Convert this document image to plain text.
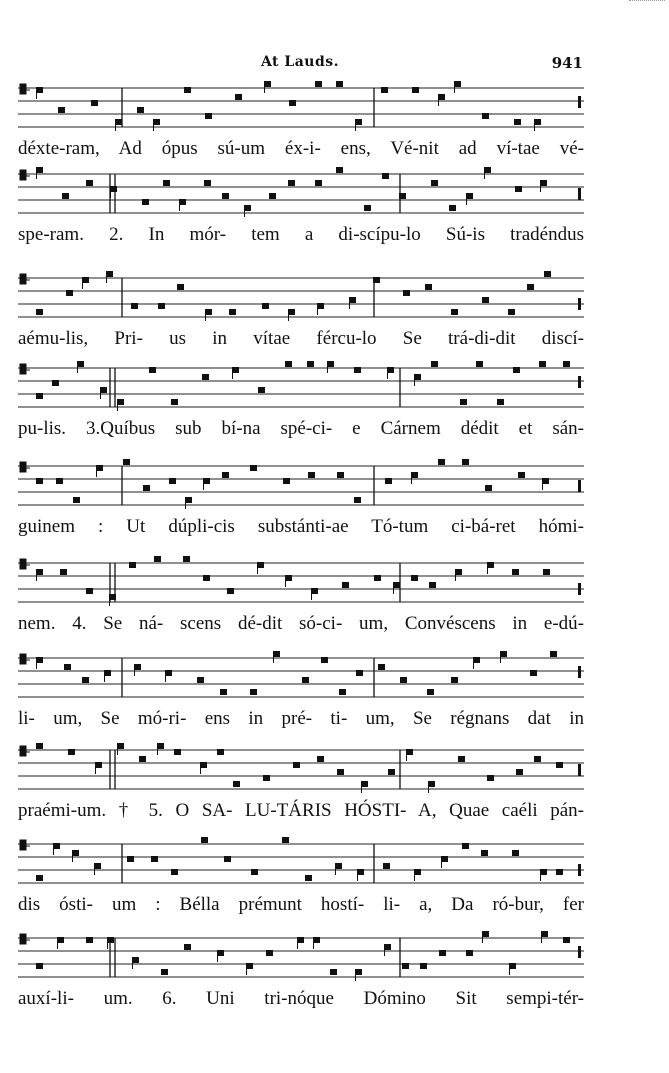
At Lauds.	941
déxte-ram, Ad ópus sú-um éx-i- ens, Vé-nit ad ví-tae vé-
spe-ram. 2. In mór- tem a di-scípu-lo Sú-is tradéndus
aému-lis, Pri- us in vítae fércu-lo Se trá-di-dit discí-
pu-lis. 3.Quíbus sub bí-na spé-ci- e Cárnem dédit et sán-
guinem : Ut dúpli-cis substánti-ae Tó-tum ci-bá-ret hómi-
nem. 4. Se ná- scens dé-dit só-ci- um, Convéscens in e-dú-
li- um, Se mó-ri- ens in pré- ti- um, Se régnans dat in
praémi-um. † 5. O SA- LU-TÁRIS HÓSTI- A, Quae caéli pán-
dis ósti- um : Bélla prémunt hostí- li- a, Da ró-bur, fer
auxí-li- um. 6. Uni tri-nóque Dómino Sit sempi-tér-
